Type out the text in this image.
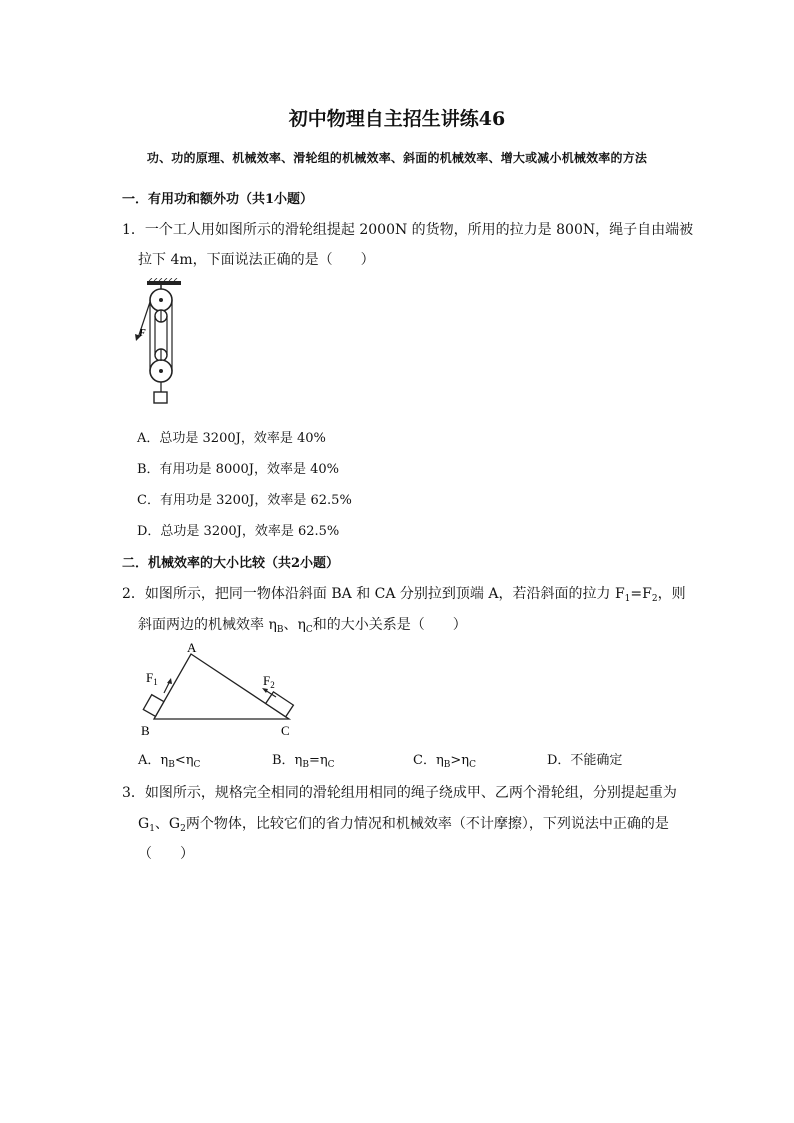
初中物理自主招生讲练46
功、功的原理、机械效率、滑轮组的机械效率、斜面的机械效率、增大或减小机械效率的方法
一．有用功和额外功（共1小题）
1．一个工人用如图所示的滑轮组提起 2000N 的货物，所用的拉力是 800N，绳子自由端被
拉下 4m，下面说法正确的是（　　）
F
A．总功是 3200J，效率是 40%
B．有用功是 8000J，效率是 40%
C．有用功是 3200J，效率是 62.5%
D．总功是 3200J，效率是 62.5%
二．机械效率的大小比较（共2小题）
2．如图所示，把同一物体沿斜面 BA 和 CA 分别拉到顶端 A，若沿斜面的拉力 $F_1=F_2$，则
斜面两边的机械效率 $\eta_B$、$\eta_C$和的大小关系是（　　）
A
B	C
$F_1$	$F_2$
A．$\eta_B<\eta_C$	B．$\eta_B=\eta_C$	C．$\eta_B>\eta_C$	D．不能确定
3．如图所示，规格完全相同的滑轮组用相同的绳子绕成甲、乙两个滑轮组，分别提起重为
$G_1$、$G_2$两个物体，比较它们的省力情况和机械效率（不计摩擦），下列说法中正确的是
（　　）
